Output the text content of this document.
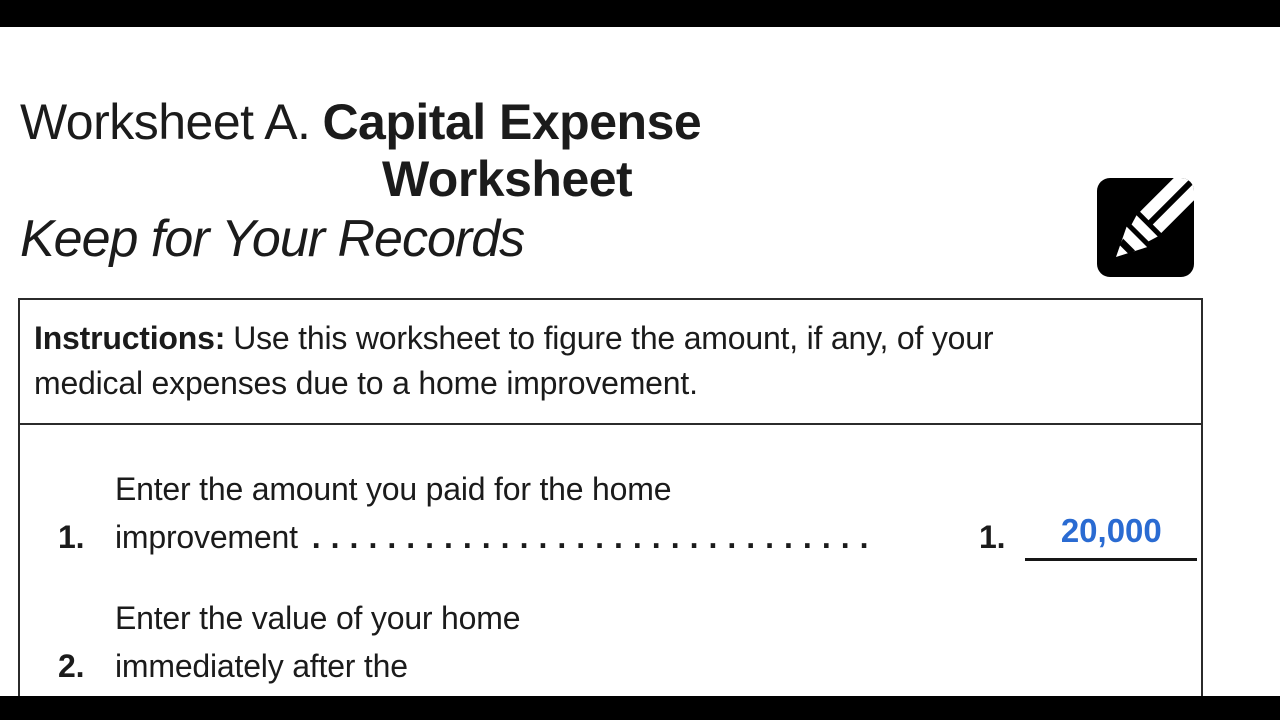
Worksheet A. Capital Expense
Worksheet
Keep for Your Records
Instructions: Use this worksheet to figure the amount, if any, of your
medical expenses due to a home improvement.
1.
Enter the amount you paid for the home
improvement ..............................	1.	20,000
2.
Enter the value of your home
immediately after the
